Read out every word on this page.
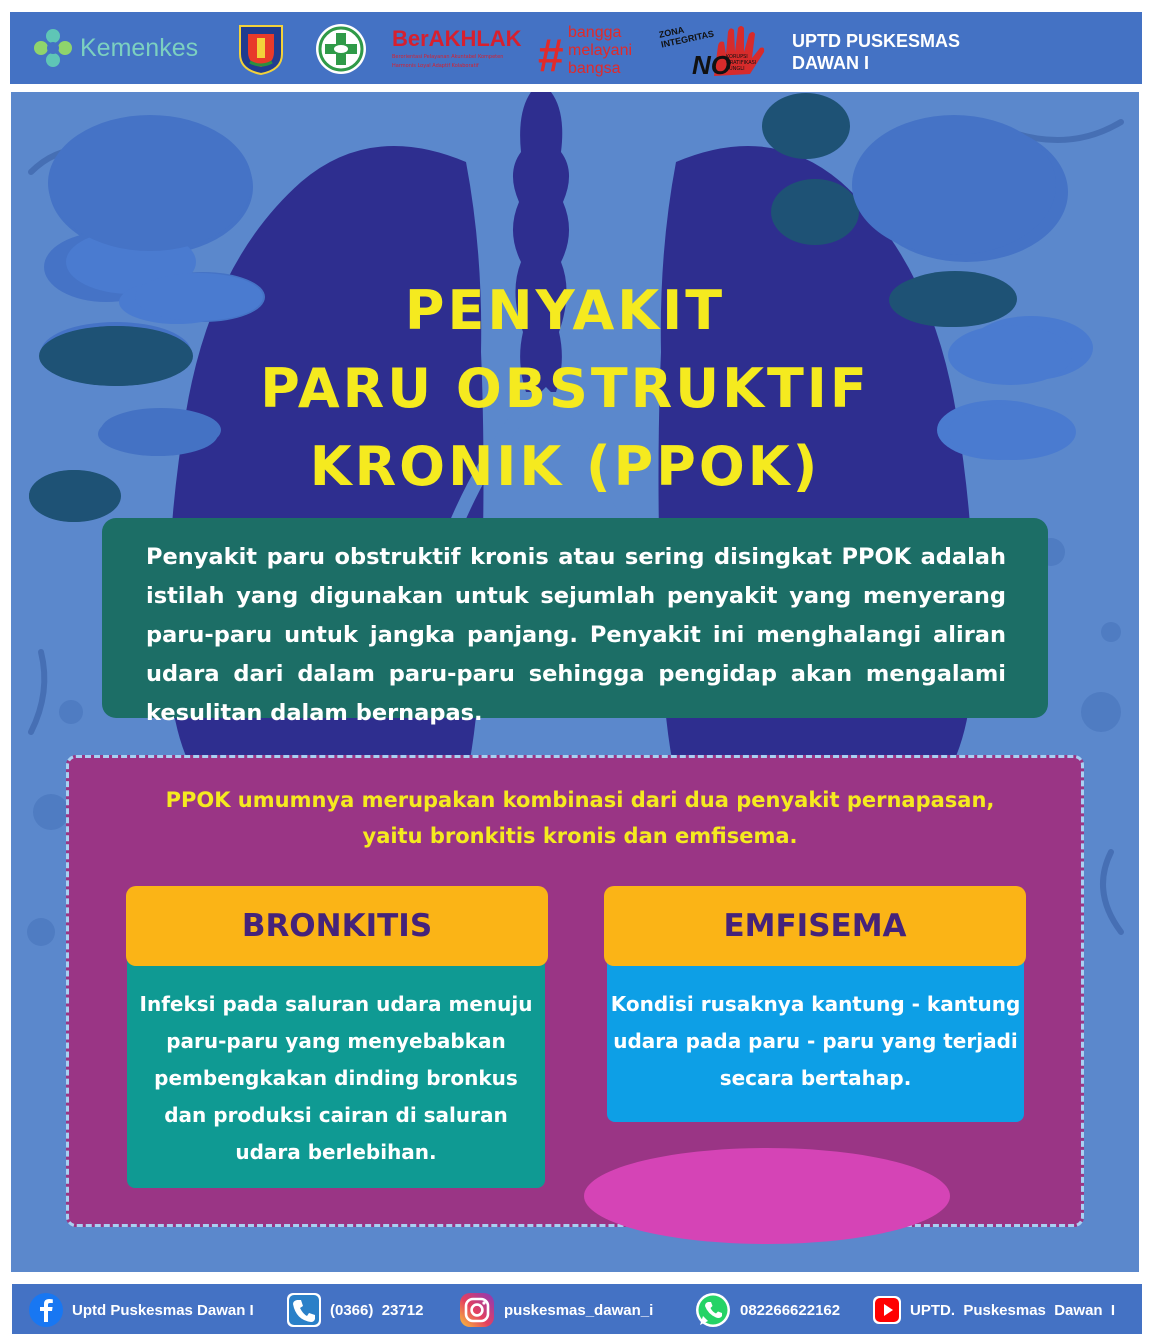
Kemenkes	BerAKHLAK
Berorientasi Pelayanan Akuntabel Kompeten
Harmonis Loyal Adaptif Kolaboratif	# bangga
melayani
bangsa
ZONA INTEGRITAS
NO
KORUPSI GRATIFIKASI PUNGLI
UPTD PUSKESMAS
DAWAN I
PENYAKIT
PARU OBSTRUKTIF
KRONIK (PPOK)
Penyakit paru obstruktif kronis atau sering disingkat PPOK adalah istilah yang digunakan untuk sejumlah penyakit yang menyerang paru-paru untuk jangka panjang. Penyakit ini menghalangi aliran udara dari dalam paru-paru sehingga pengidap akan mengalami kesulitan dalam bernapas.
PPOK umumnya merupakan kombinasi dari dua penyakit pernapasan,
yaitu bronkitis kronis dan emfisema.
Infeksi pada saluran udara menuju
paru-paru yang menyebabkan
pembengkakan dinding bronkus
dan produksi cairan di saluran
udara berlebihan.
BRONKITIS
Kondisi rusaknya kantung - kantung
udara pada paru - paru yang terjadi
secara bertahap.
EMFISEMA
Uptd Puskesmas Dawan I	(0366)  23712	puskesmas_dawan_i	082266622162	UPTD.  Puskesmas  Dawan  I
